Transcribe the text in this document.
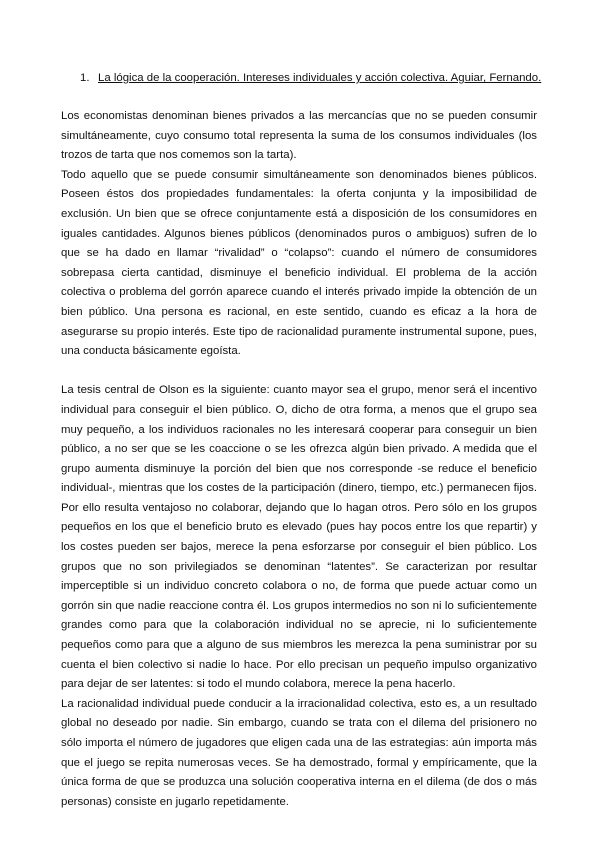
1. La lógica de la cooperación. Intereses individuales y acción colectiva. Aguiar, Fernando.

Los economistas denominan bienes privados a las mercancías que no se pueden consumir simultáneamente, cuyo consumo total representa la suma de los consumos individuales (los trozos de tarta que nos comemos son la tarta).

Todo aquello que se puede consumir simultáneamente son denominados bienes públicos. Poseen éstos dos propiedades fundamentales: la oferta conjunta y la imposibilidad de exclusión. Un bien que se ofrece conjuntamente está a disposición de los consumidores en iguales cantidades. Algunos bienes públicos (denominados puros o ambiguos) sufren de lo que se ha dado en llamar “rivalidad” o “colapso”: cuando el número de consumidores sobrepasa cierta cantidad, disminuye el beneficio individual. El problema de la acción colectiva o problema del gorrón aparece cuando el interés privado impide la obtención de un bien público. Una persona es racional, en este sentido, cuando es eficaz a la hora de asegurarse su propio interés. Este tipo de racionalidad puramente instrumental supone, pues, una conducta básicamente egoísta.

La tesis central de Olson es la siguiente: cuanto mayor sea el grupo, menor será el incentivo individual para conseguir el bien público. O, dicho de otra forma, a menos que el grupo sea muy pequeño, a los individuos racionales no les interesará cooperar para conseguir un bien público, a no ser que se les coaccione o se les ofrezca algún bien privado. A medida que el grupo aumenta disminuye la porción del bien que nos corresponde -se reduce el beneficio individual-, mientras que los costes de la participación (dinero, tiempo, etc.) permanecen fijos. Por ello resulta ventajoso no colaborar, dejando que lo hagan otros. Pero sólo en los grupos pequeños en los que el beneficio bruto es elevado (pues hay pocos entre los que repartir) y los costes pueden ser bajos, merece la pena esforzarse por conseguir el bien público. Los grupos que no son privilegiados se denominan “latentes”. Se caracterizan por resultar imperceptible si un individuo concreto colabora o no, de forma que puede actuar como un gorrón sin que nadie reaccione contra él. Los grupos intermedios no son ni lo suficientemente grandes como para que la colaboración individual no se aprecie, ni lo suficientemente pequeños como para que a alguno de sus miembros les merezca la pena suministrar por su cuenta el bien colectivo si nadie lo hace. Por ello precisan un pequeño impulso organizativo para dejar de ser latentes: si todo el mundo colabora, merece la pena hacerlo.

La racionalidad individual puede conducir a la irracionalidad colectiva, esto es, a un resultado global no deseado por nadie. Sin embargo, cuando se trata con el dilema del prisionero no sólo importa el número de jugadores que eligen cada una de las estrategias: aún importa más que el juego se repita numerosas veces. Se ha demostrado, formal y empíricamente, que la única forma de que se produzca una solución cooperativa interna en el dilema (de dos o más personas) consiste en jugarlo repetidamente.
